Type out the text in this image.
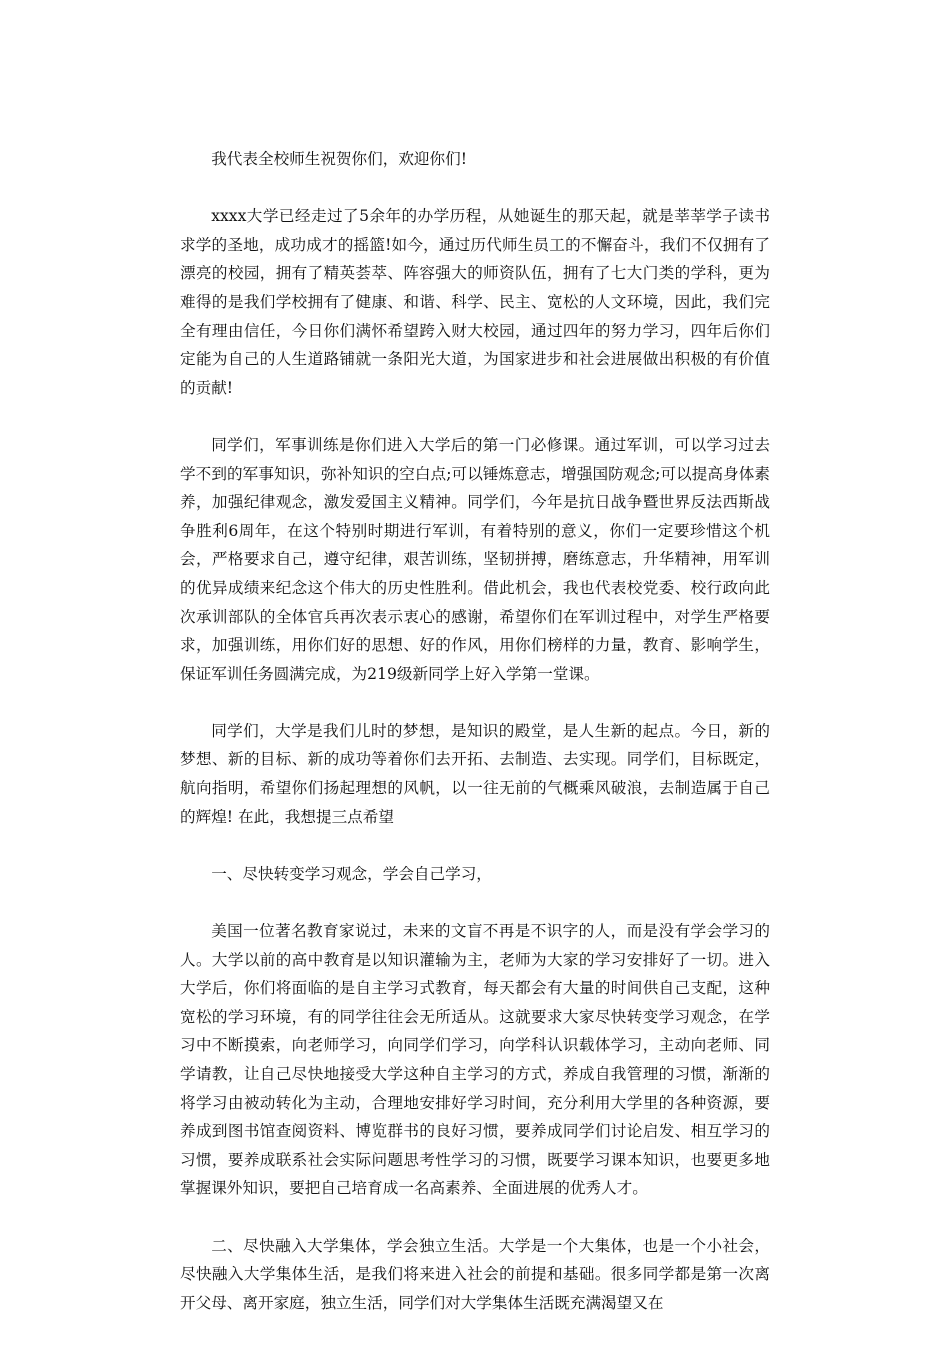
我代表全校师生祝贺你们，欢迎你们!

xxxx大学已经走过了5余年的办学历程，从她诞生的那天起，就是莘莘学子读书求学的圣地，成功成才的摇篮!如今，通过历代师生员工的不懈奋斗，我们不仅拥有了漂亮的校园，拥有了精英荟萃、阵容强大的师资队伍，拥有了七大门类的学科，更为难得的是我们学校拥有了健康、和谐、科学、民主、宽松的人文环境，因此，我们完全有理由信任，今日你们满怀希望跨入财大校园，通过四年的努力学习，四年后你们定能为自己的人生道路铺就一条阳光大道，为国家进步和社会进展做出积极的有价值的贡献!

同学们，军事训练是你们进入大学后的第一门必修课。通过军训，可以学习过去学不到的军事知识，弥补知识的空白点;可以锤炼意志，增强国防观念;可以提高身体素养，加强纪律观念，激发爱国主义精神。同学们，今年是抗日战争暨世界反法西斯战争胜利6周年，在这个特别时期进行军训，有着特别的意义，你们一定要珍惜这个机会，严格要求自己，遵守纪律，艰苦训练，坚韧拼搏，磨练意志，升华精神，用军训的优异成绩来纪念这个伟大的历史性胜利。借此机会，我也代表校党委、校行政向此次承训部队的全体官兵再次表示衷心的感谢，希望你们在军训过程中，对学生严格要求，加强训练，用你们好的思想、好的作风，用你们榜样的力量，教育、影响学生，保证军训任务圆满完成，为219级新同学上好入学第一堂课。

同学们，大学是我们儿时的梦想，是知识的殿堂，是人生新的起点。今日，新的梦想、新的目标、新的成功等着你们去开拓、去制造、去实现。同学们，目标既定，航向指明，希望你们扬起理想的风帆，以一往无前的气概乘风破浪，去制造属于自己的辉煌! 在此，我想提三点希望

一、尽快转变学习观念，学会自己学习，

美国一位著名教育家说过，未来的文盲不再是不识字的人，而是没有学会学习的人。大学以前的高中教育是以知识灌输为主，老师为大家的学习安排好了一切。进入大学后，你们将面临的是自主学习式教育，每天都会有大量的时间供自己支配，这种宽松的学习环境，有的同学往往会无所适从。这就要求大家尽快转变学习观念，在学习中不断摸索，向老师学习，向同学们学习，向学科认识载体学习，主动向老师、同学请教，让自己尽快地接受大学这种自主学习的方式，养成自我管理的习惯，渐渐的将学习由被动转化为主动，合理地安排好学习时间，充分利用大学里的各种资源，要养成到图书馆查阅资料、博览群书的良好习惯，要养成同学们讨论启发、相互学习的习惯，要养成联系社会实际问题思考性学习的习惯，既要学习课本知识，也要更多地掌握课外知识，要把自己培育成一名高素养、全面进展的优秀人才。

二、尽快融入大学集体，学会独立生活。大学是一个大集体，也是一个小社会，尽快融入大学集体生活，是我们将来进入社会的前提和基础。很多同学都是第一次离开父母、离开家庭，独立生活，同学们对大学集体生活既充满渴望又在
